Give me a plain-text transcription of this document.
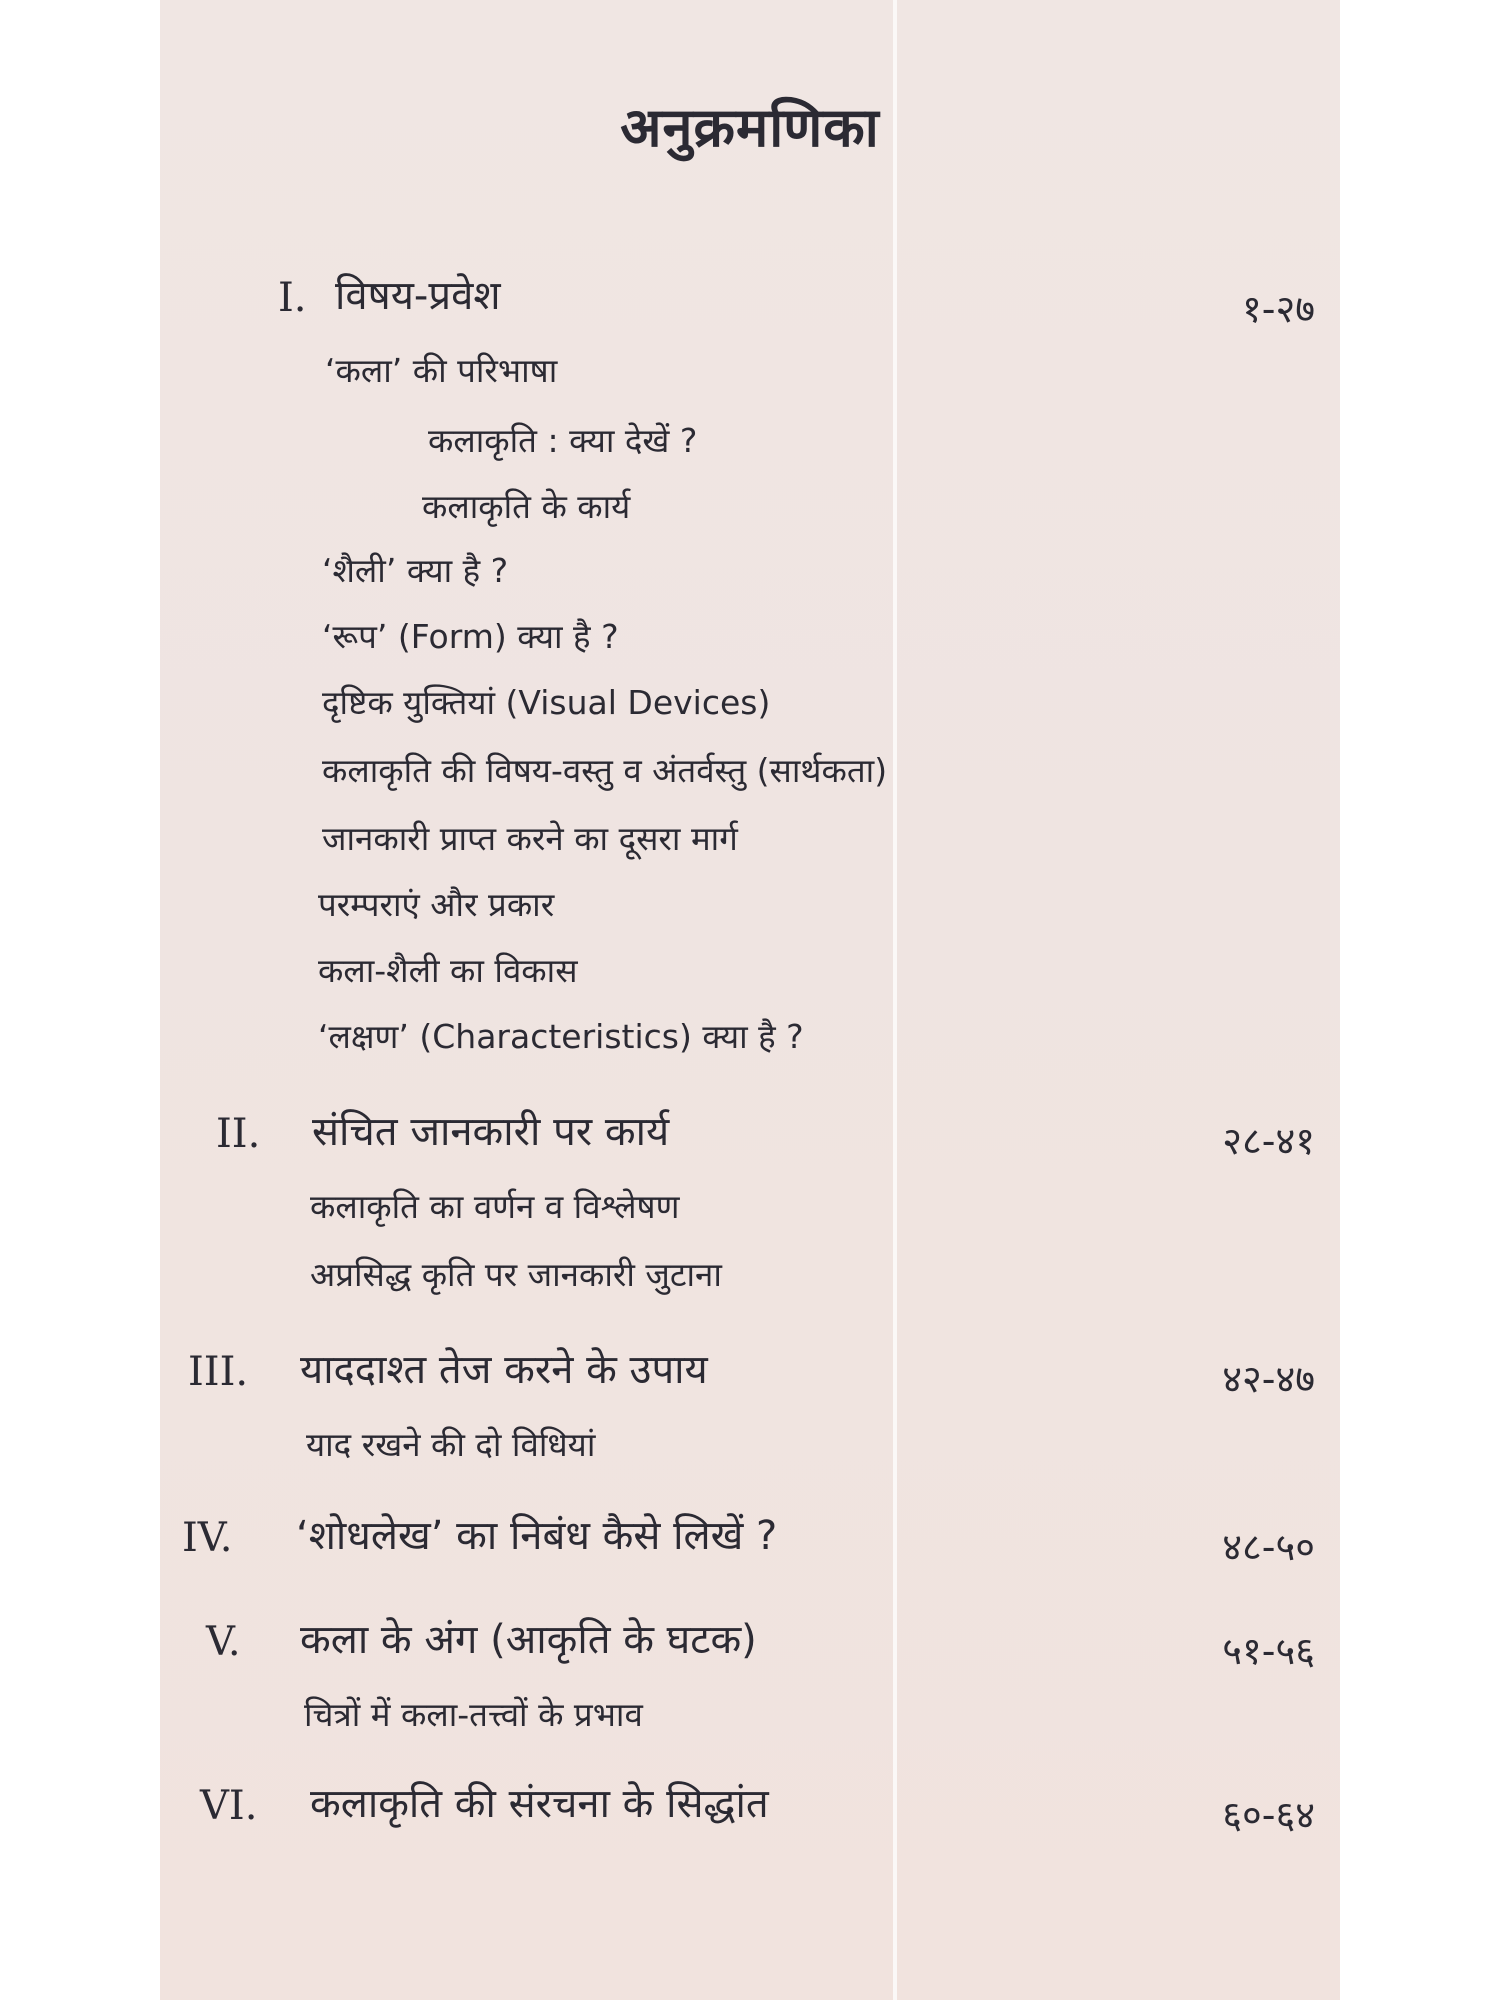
अनुक्रमणिका
I. विषय-प्रवेश	१-२७
‘कला’ की परिभाषा
कलाकृति : क्या देखें ?
कलाकृति के कार्य
‘शैली’ क्या है ?
‘रूप’ (Form) क्या है ?
दृष्टिक युक्तियां (Visual Devices)
कलाकृति की विषय-वस्तु व अंतर्वस्तु (सार्थकता)
जानकारी प्राप्त करने का दूसरा मार्ग
परम्पराएं और प्रकार
कला-शैली का विकास
‘लक्षण’ (Characteristics) क्या है ?
II. संचित जानकारी पर कार्य	२८-४१
कलाकृति का वर्णन व विश्लेषण
अप्रसिद्ध कृति पर जानकारी जुटाना
III. याददाश्त तेज करने के उपाय	४२-४७
याद रखने की दो विधियां
IV. ‘शोधलेख’ का निबंध कैसे लिखें ?	४८-५०
V. कला के अंग (आकृति के घटक)	५१-५६
चित्रों में कला-तत्त्वों के प्रभाव
VI. कलाकृति की संरचना के सिद्धांत	६०-६४
